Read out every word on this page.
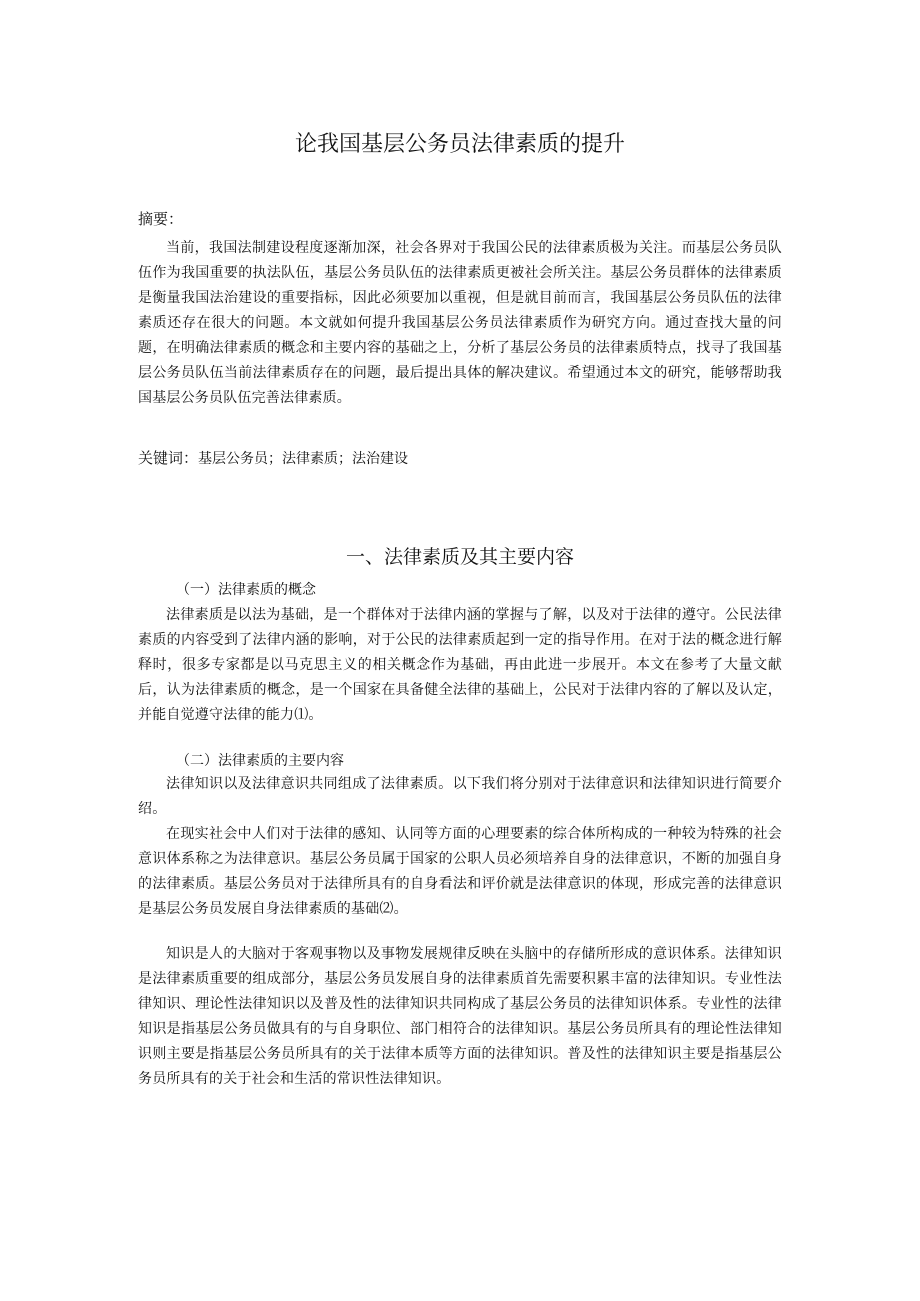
论我国基层公务员法律素质的提升
摘要：

当前，我国法制建设程度逐渐加深，社会各界对于我国公民的法律素质极为关注。而基层公务员队伍作为我国重要的执法队伍，基层公务员队伍的法律素质更被社会所关注。基层公务员群体的法律素质是衡量我国法治建设的重要指标，因此必须要加以重视，但是就目前而言，我国基层公务员队伍的法律素质还存在很大的问题。本文就如何提升我国基层公务员法律素质作为研究方向。通过查找大量的问题，在明确法律素质的概念和主要内容的基础之上，分析了基层公务员的法律素质特点，找寻了我国基层公务员队伍当前法律素质存在的问题，最后提出具体的解决建议。希望通过本文的研究，能够帮助我国基层公务员队伍完善法律素质。

关键词：基层公务员；法律素质；法治建设
一、法律素质及其主要内容
（一）法律素质的概念

法律素质是以法为基础，是一个群体对于法律内涵的掌握与了解，以及对于法律的遵守。公民法律素质的内容受到了法律内涵的影响，对于公民的法律素质起到一定的指导作用。在对于法的概念进行解释时，很多专家都是以马克思主义的相关概念作为基础，再由此进一步展开。本文在参考了大量文献后，认为法律素质的概念，是一个国家在具备健全法律的基础上，公民对于法律内容的了解以及认定，并能自觉遵守法律的能力⑴。

（二）法律素质的主要内容

法律知识以及法律意识共同组成了法律素质。以下我们将分别对于法律意识和法律知识进行简要介绍。

在现实社会中人们对于法律的感知、认同等方面的心理要素的综合体所构成的一种较为特殊的社会意识体系称之为法律意识。基层公务员属于国家的公职人员必须培养自身的法律意识，不断的加强自身的法律素质。基层公务员对于法律所具有的自身看法和评价就是法律意识的体现，形成完善的法律意识是基层公务员发展自身法律素质的基础⑵。

知识是人的大脑对于客观事物以及事物发展规律反映在头脑中的存储所形成的意识体系。法律知识是法律素质重要的组成部分，基层公务员发展自身的法律素质首先需要积累丰富的法律知识。专业性法律知识、理论性法律知识以及普及性的法律知识共同构成了基层公务员的法律知识体系。专业性的法律知识是指基层公务员做具有的与自身职位、部门相符合的法律知识。基层公务员所具有的理论性法律知识则主要是指基层公务员所具有的关于法律本质等方面的法律知识。普及性的法律知识主要是指基层公务员所具有的关于社会和生活的常识性法律知识。
